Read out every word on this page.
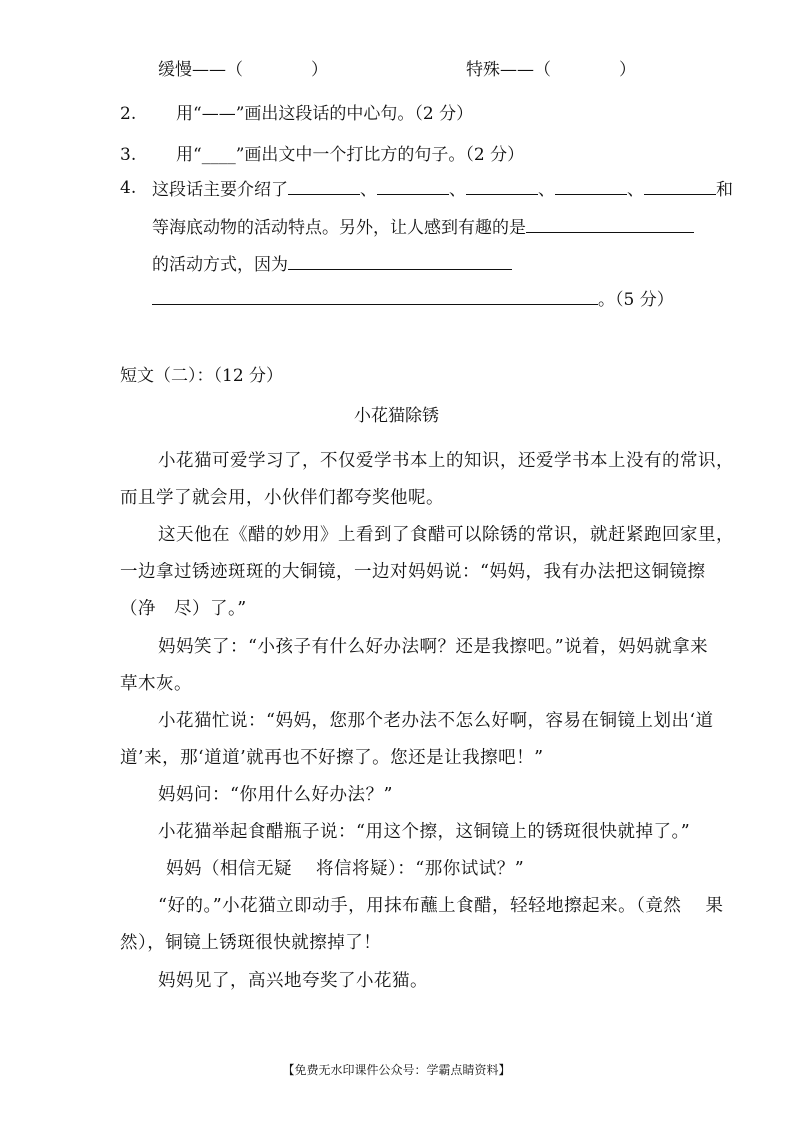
缓慢——（　　　　）	特殊——（　　　　）
2. 用“——”画出这段话的中心句。（2 分）
3. 用“____”画出文中一个打比方的句子。（2 分）
4. 这段话主要介绍了	、	、	、	、	和
等海底动物的活动特点。另外，让人感到有趣的是
的活动方式，因为
。（5 分）
短文（二）：（12 分）
小花猫除锈
小花猫可爱学习了，不仅爱学书本上的知识，还爱学书本上没有的常识，
而且学了就会用，小伙伴们都夸奖他呢。
这天他在《醋的妙用》上看到了食醋可以除锈的常识，就赶紧跑回家里，
一边拿过锈迹斑斑的大铜镜，一边对妈妈说：“妈妈，我有办法把这铜镜擦
（净　尽）了。”
妈妈笑了：“小孩子有什么好办法啊？还是我擦吧。”说着，妈妈就拿来
草木灰。
小花猫忙说：“妈妈，您那个老办法不怎么好啊，容易在铜镜上划出‘道
道’来，那‘道道’就再也不好擦了。您还是让我擦吧！”
妈妈问：“你用什么好办法？”
小花猫举起食醋瓶子说：“用这个擦，这铜镜上的锈斑很快就掉了。”
妈妈（相信无疑　 将信将疑）：“那你试试？”
“好的。”小花猫立即动手，用抹布蘸上食醋，轻轻地擦起来。（竟然　 果
然），铜镜上锈斑很快就擦掉了！
妈妈见了，高兴地夸奖了小花猫。
【免费无水印课件公众号：学霸点睛资料】
